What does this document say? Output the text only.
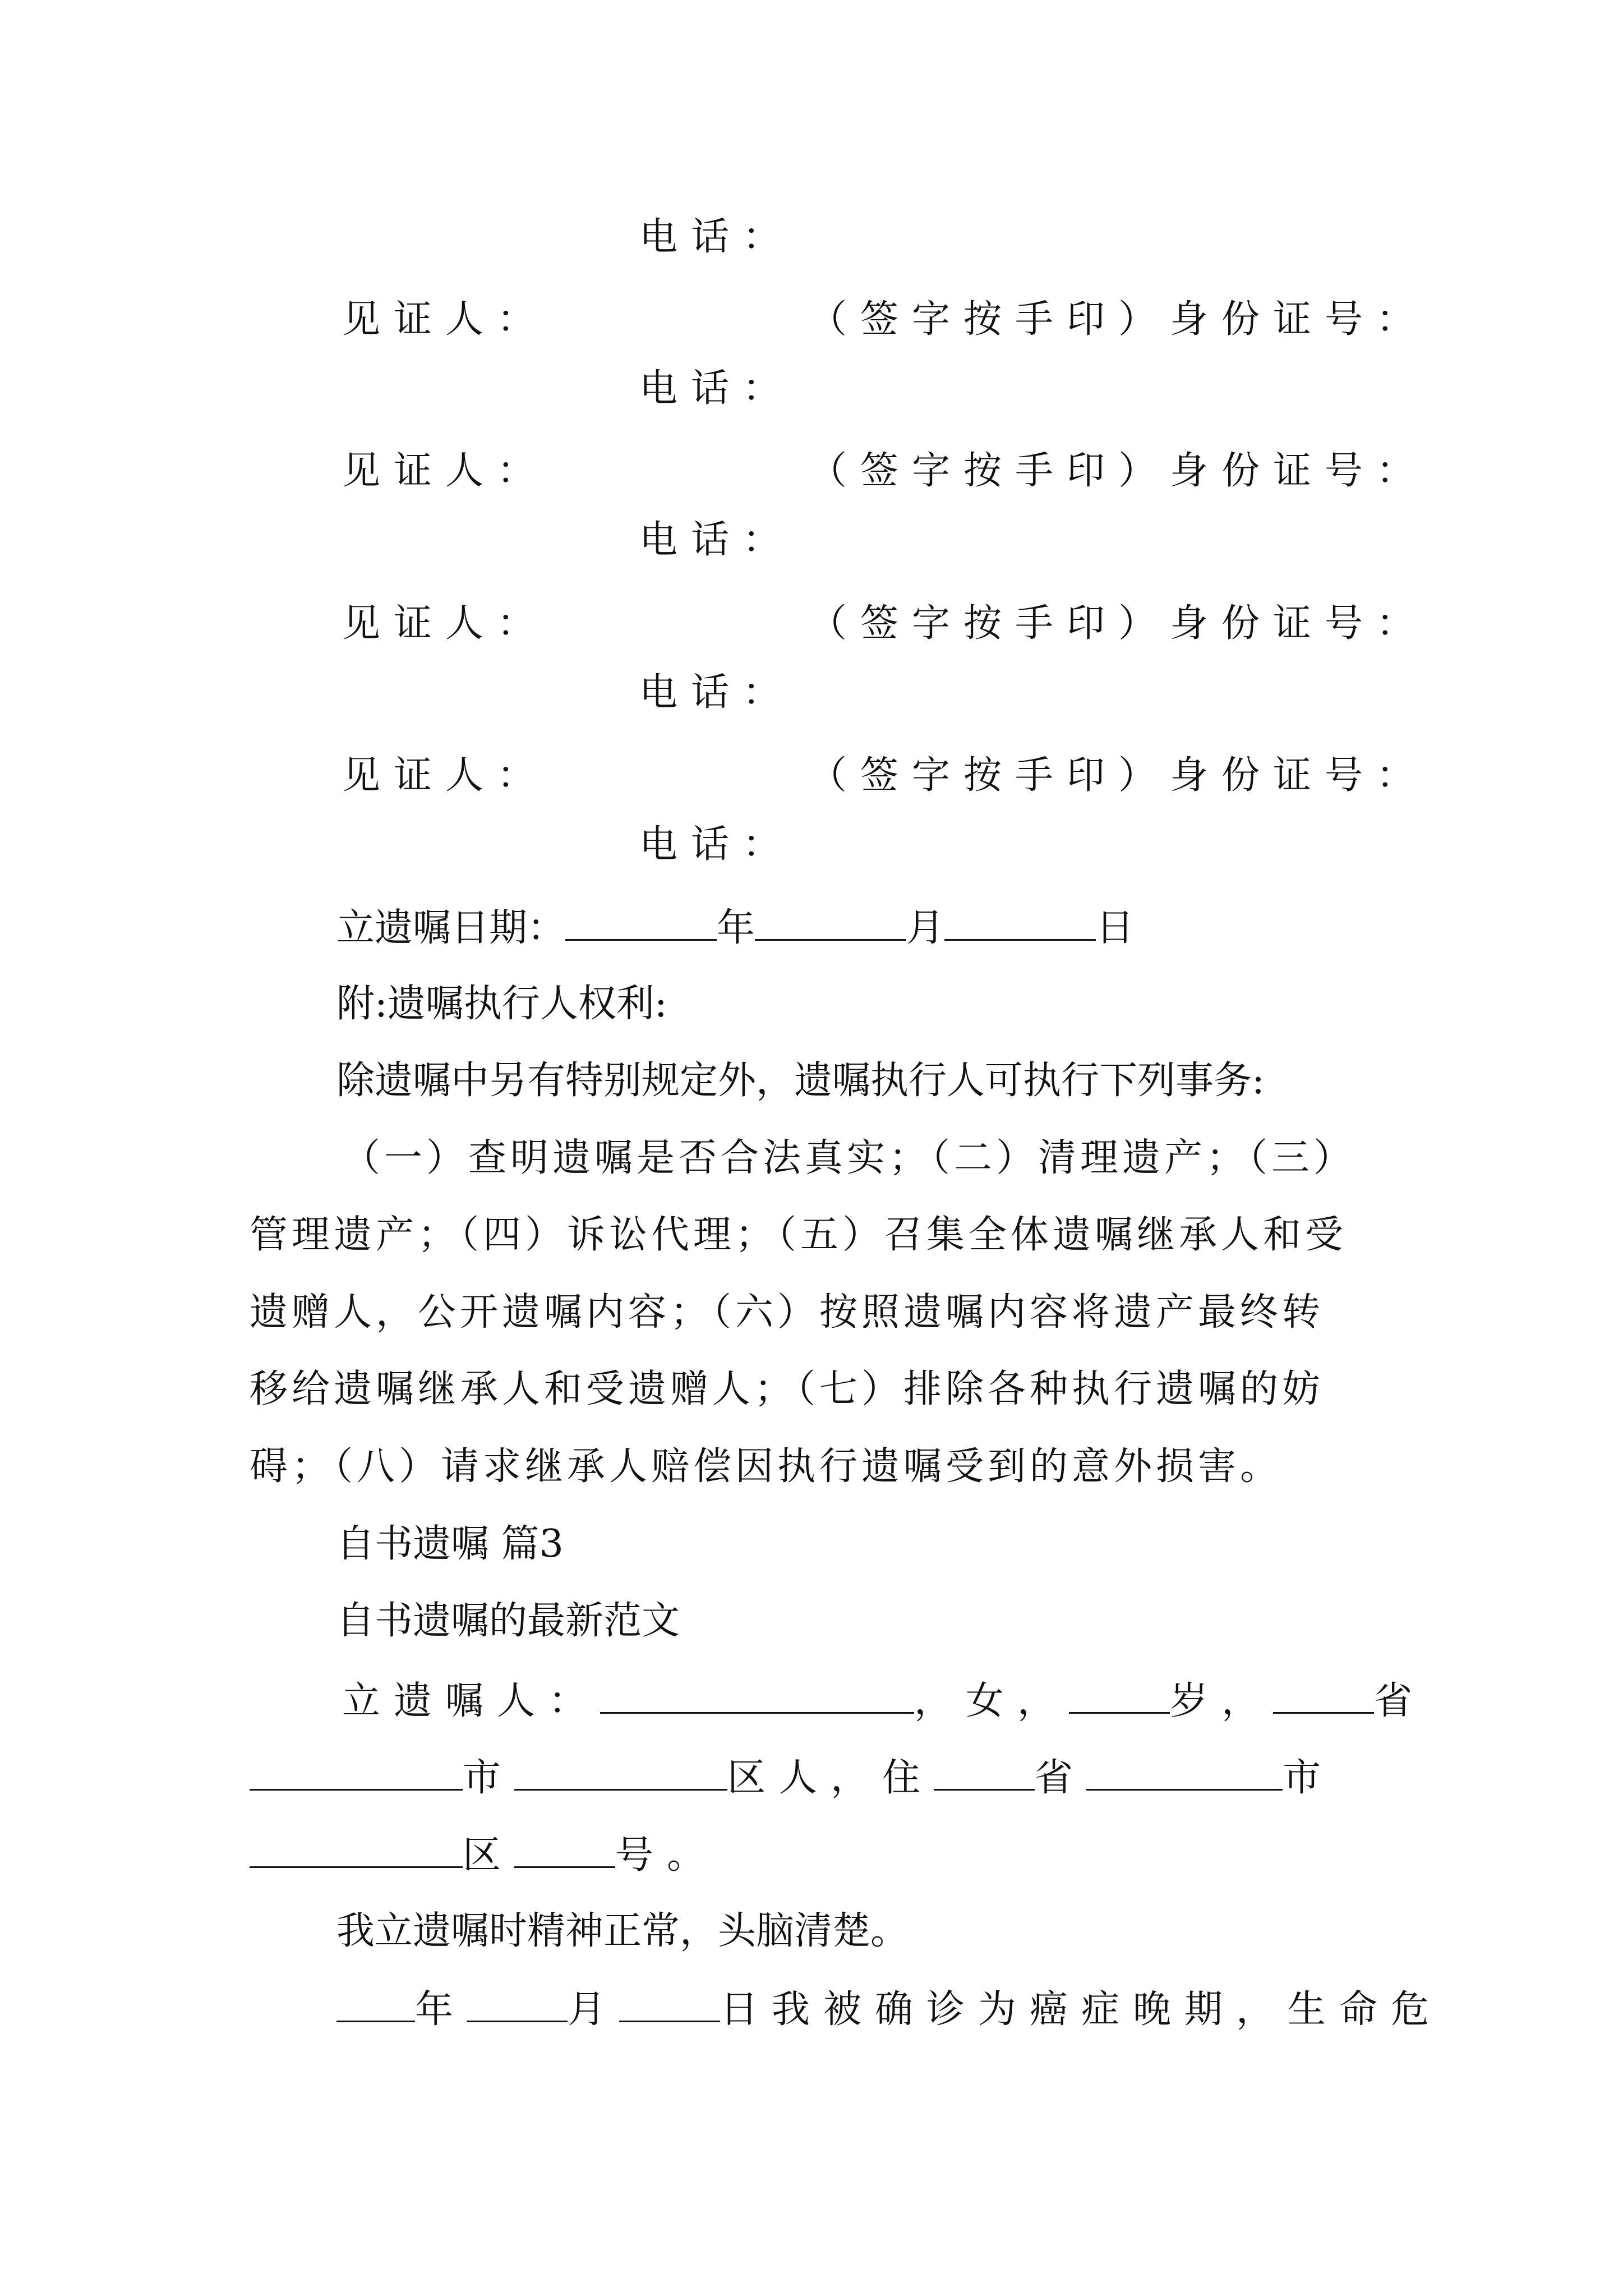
电话：
见证人：	（签字按手印）身份证号：
电话：
见证人：	（签字按手印）身份证号：
电话：
见证人：	（签字按手印）身份证号：
电话：
见证人：	（签字按手印）身份证号：
电话：
立遗嘱日期：	年	月	日
附:遗嘱执行人权利:
除遗嘱中另有特别规定外，遗嘱执行人可执行下列事务:
（一）查明遗嘱是否合法真实；（二）清理遗产；（三）
管理遗产；（四）诉讼代理；（五）召集全体遗嘱继承人和受
遗赠人，公开遗嘱内容；（六）按照遗嘱内容将遗产最终转
移给遗嘱继承人和受遗赠人；（七）排除各种执行遗嘱的妨
碍；（八）请求继承人赔偿因执行遗嘱受到的意外损害。
自书遗嘱 篇3
自书遗嘱的最新范文
立遗嘱人：	，女，	岁，	省
市	区人，住	省	市
区	号。
我立遗嘱时精神正常，头脑清楚。
年	月	日我被确诊为癌症晚期，生命危
